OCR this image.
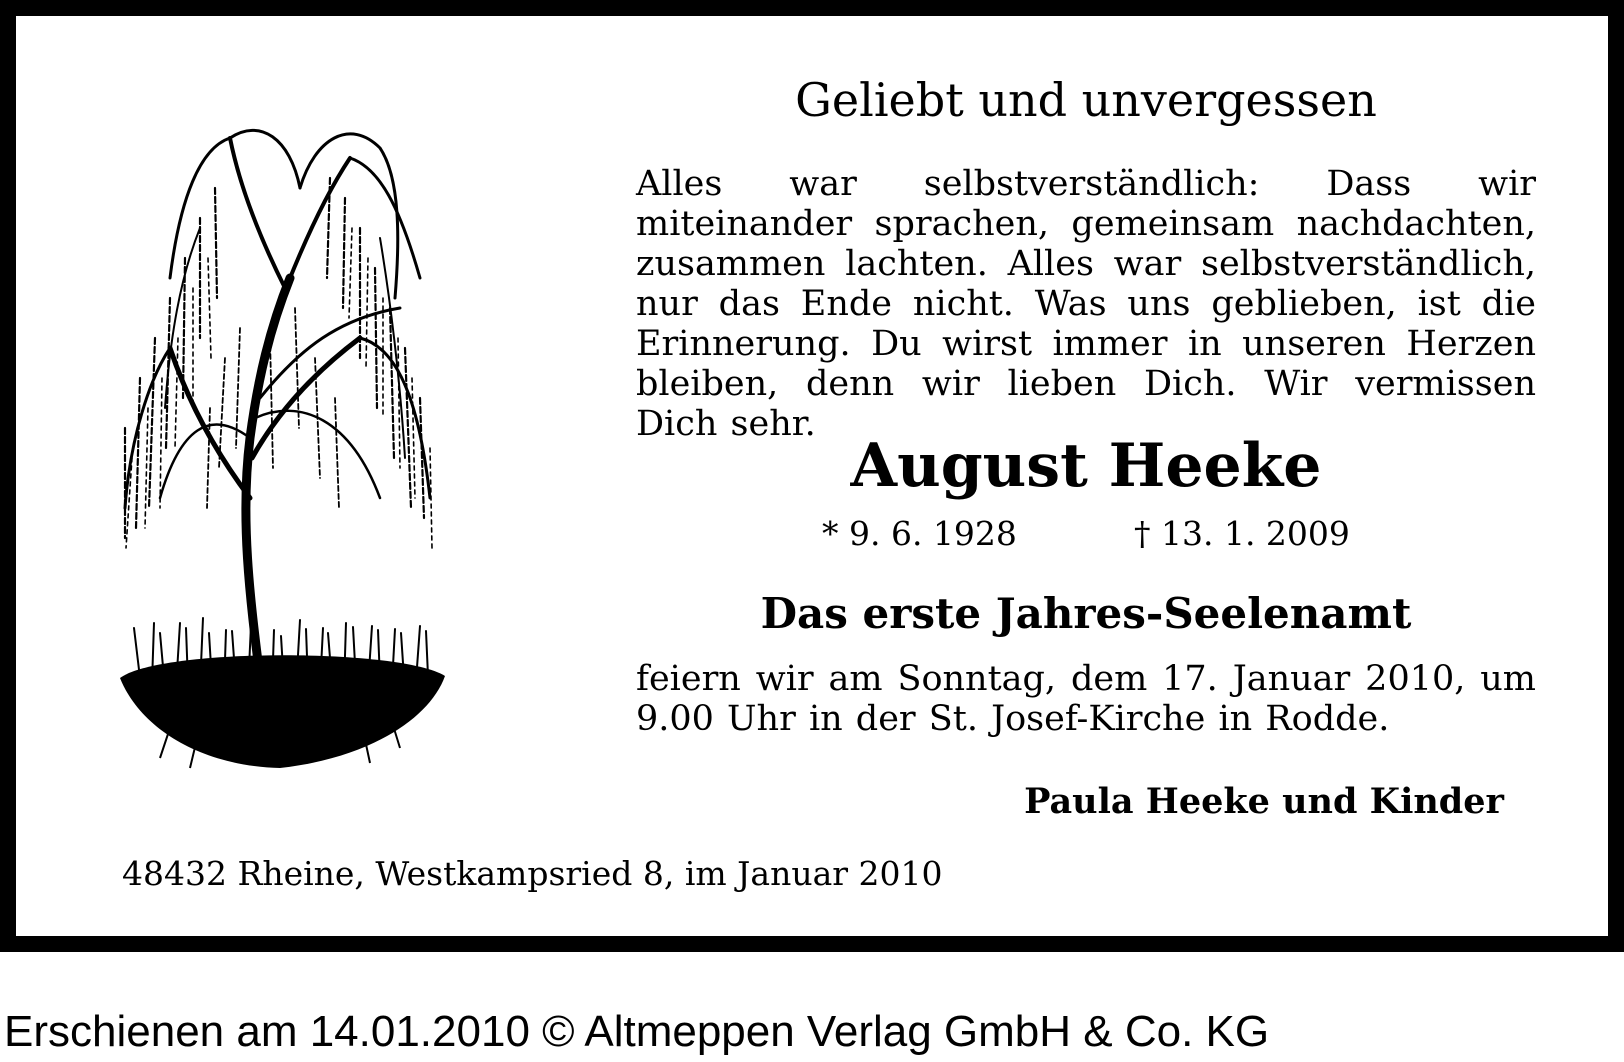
Geliebt und unvergessen

Alles war selbstverständlich: Dass wir miteinander sprachen, gemeinsam nachdachten, zusammen lachten. Alles war selbstverständlich, nur das Ende nicht. Was uns geblieben, ist die Erinnerung. Du wirst immer in unseren Herzen bleiben, denn wir lieben Dich. Wir vermissen Dich sehr.

August Heeke
* 9. 6. 1928	† 13. 1. 2009
Das erste Jahres-Seelenamt

feiern wir am Sonntag, dem 17. Januar 2010, um 9.00 Uhr in der St. Josef-Kirche in Rodde.

Paula Heeke und Kinder
48432 Rheine, Westkampsried 8, im Januar 2010
Erschienen am 14.01.2010 © Altmeppen Verlag GmbH & Co. KG
